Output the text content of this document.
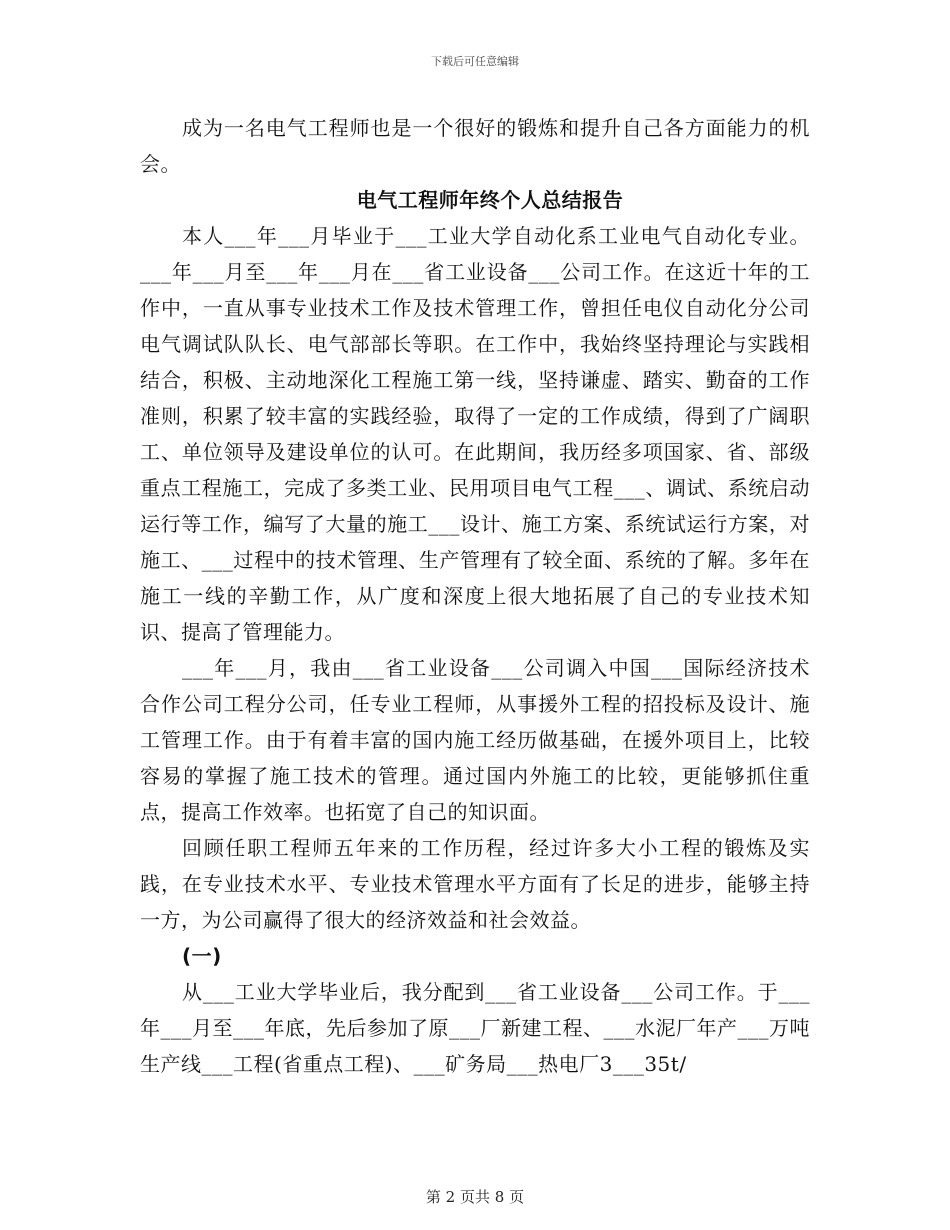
下载后可任意编辑

成为一名电气工程师也是一个很好的锻炼和提升自己各方面能力的机会。

电气工程师年终个人总结报告

本人___年___月毕业于___工业大学自动化系工业电气自动化专业。___年___月至___年___月在___省工业设备___公司工作。在这近十年的工作中，一直从事专业技术工作及技术管理工作，曾担任电仪自动化分公司电气调试队队长、电气部部长等职。在工作中，我始终坚持理论与实践相结合，积极、主动地深化工程施工第一线，坚持谦虚、踏实、勤奋的工作准则，积累了较丰富的实践经验，取得了一定的工作成绩，得到了广阔职工、单位领导及建设单位的认可。在此期间，我历经多项国家、省、部级重点工程施工，完成了多类工业、民用项目电气工程___、调试、系统启动运行等工作，编写了大量的施工___设计、施工方案、系统试运行方案，对施工、___过程中的技术管理、生产管理有了较全面、系统的了解。多年在施工一线的辛勤工作，从广度和深度上很大地拓展了自己的专业技术知识、提高了管理能力。

___年___月，我由___省工业设备___公司调入中国___国际经济技术合作公司工程分公司，任专业工程师，从事援外工程的招投标及设计、施工管理工作。由于有着丰富的国内施工经历做基础，在援外项目上，比较容易的掌握了施工技术的管理。通过国内外施工的比较，更能够抓住重点，提高工作效率。也拓宽了自己的知识面。

回顾任职工程师五年来的工作历程，经过许多大小工程的锻炼及实践，在专业技术水平、专业技术管理水平方面有了长足的进步，能够主持一方，为公司赢得了很大的经济效益和社会效益。

(一)

从___工业大学毕业后，我分配到___省工业设备___公司工作。于___年___月至___年底，先后参加了原___厂新建工程、___水泥厂年产___万吨生产线___工程(省重点工程)、___矿务局___热电厂3___35t/

第 2 页共 8 页
